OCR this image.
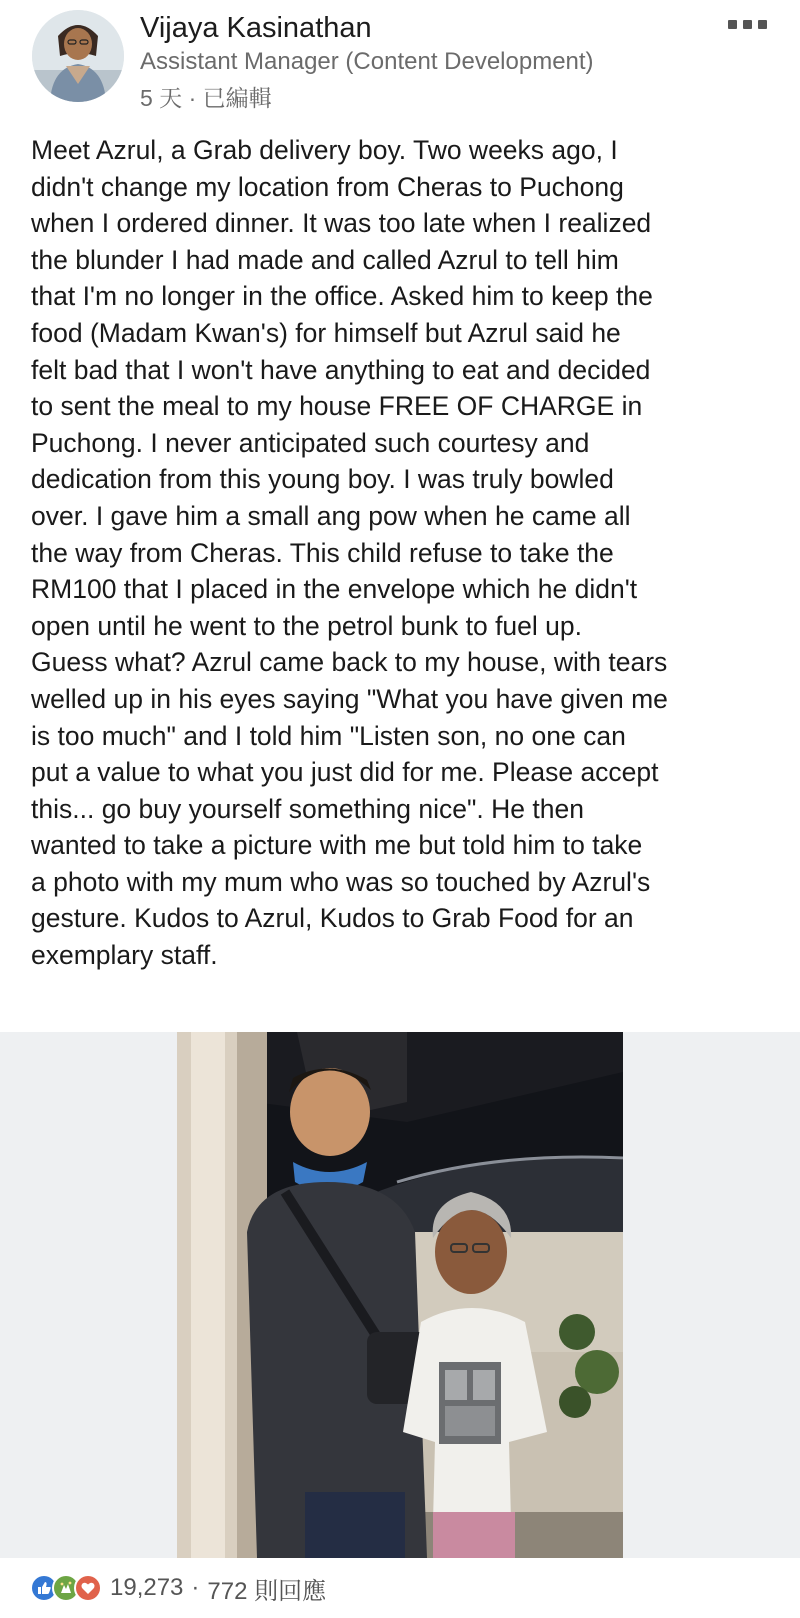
Vijaya Kasinathan
Assistant Manager (Content Development)
5 天 · 已編輯

Meet Azrul, a Grab delivery boy. Two weeks ago, I
didn't change my location from Cheras to Puchong
when I ordered dinner. It was too late when I realized
the blunder I had made and called Azrul to tell him
that I'm no longer in the office. Asked him to keep the
food (Madam Kwan's) for himself but Azrul said he
felt bad that I won't have anything to eat and decided
to sent the meal to my house FREE OF CHARGE in
Puchong. I never anticipated such courtesy and
dedication from this young boy. I was truly bowled
over. I gave him a small ang pow when he came all
the way from Cheras. This child refuse to take the
RM100 that I placed in the envelope which he didn't
open until he went to the petrol bunk to fuel up.
Guess what? Azrul came back to my house, with tears
welled up in his eyes saying "What you have given me
is too much" and I told him "Listen son, no one can
put a value to what you just did for me. Please accept
this... go buy yourself something nice". He then
wanted to take a picture with me but told him to take
a photo with my mum who was so touched by Azrul's
gesture. Kudos to Azrul, Kudos to Grab Food for an
exemplary staff.

19,273 · 772 則回應
